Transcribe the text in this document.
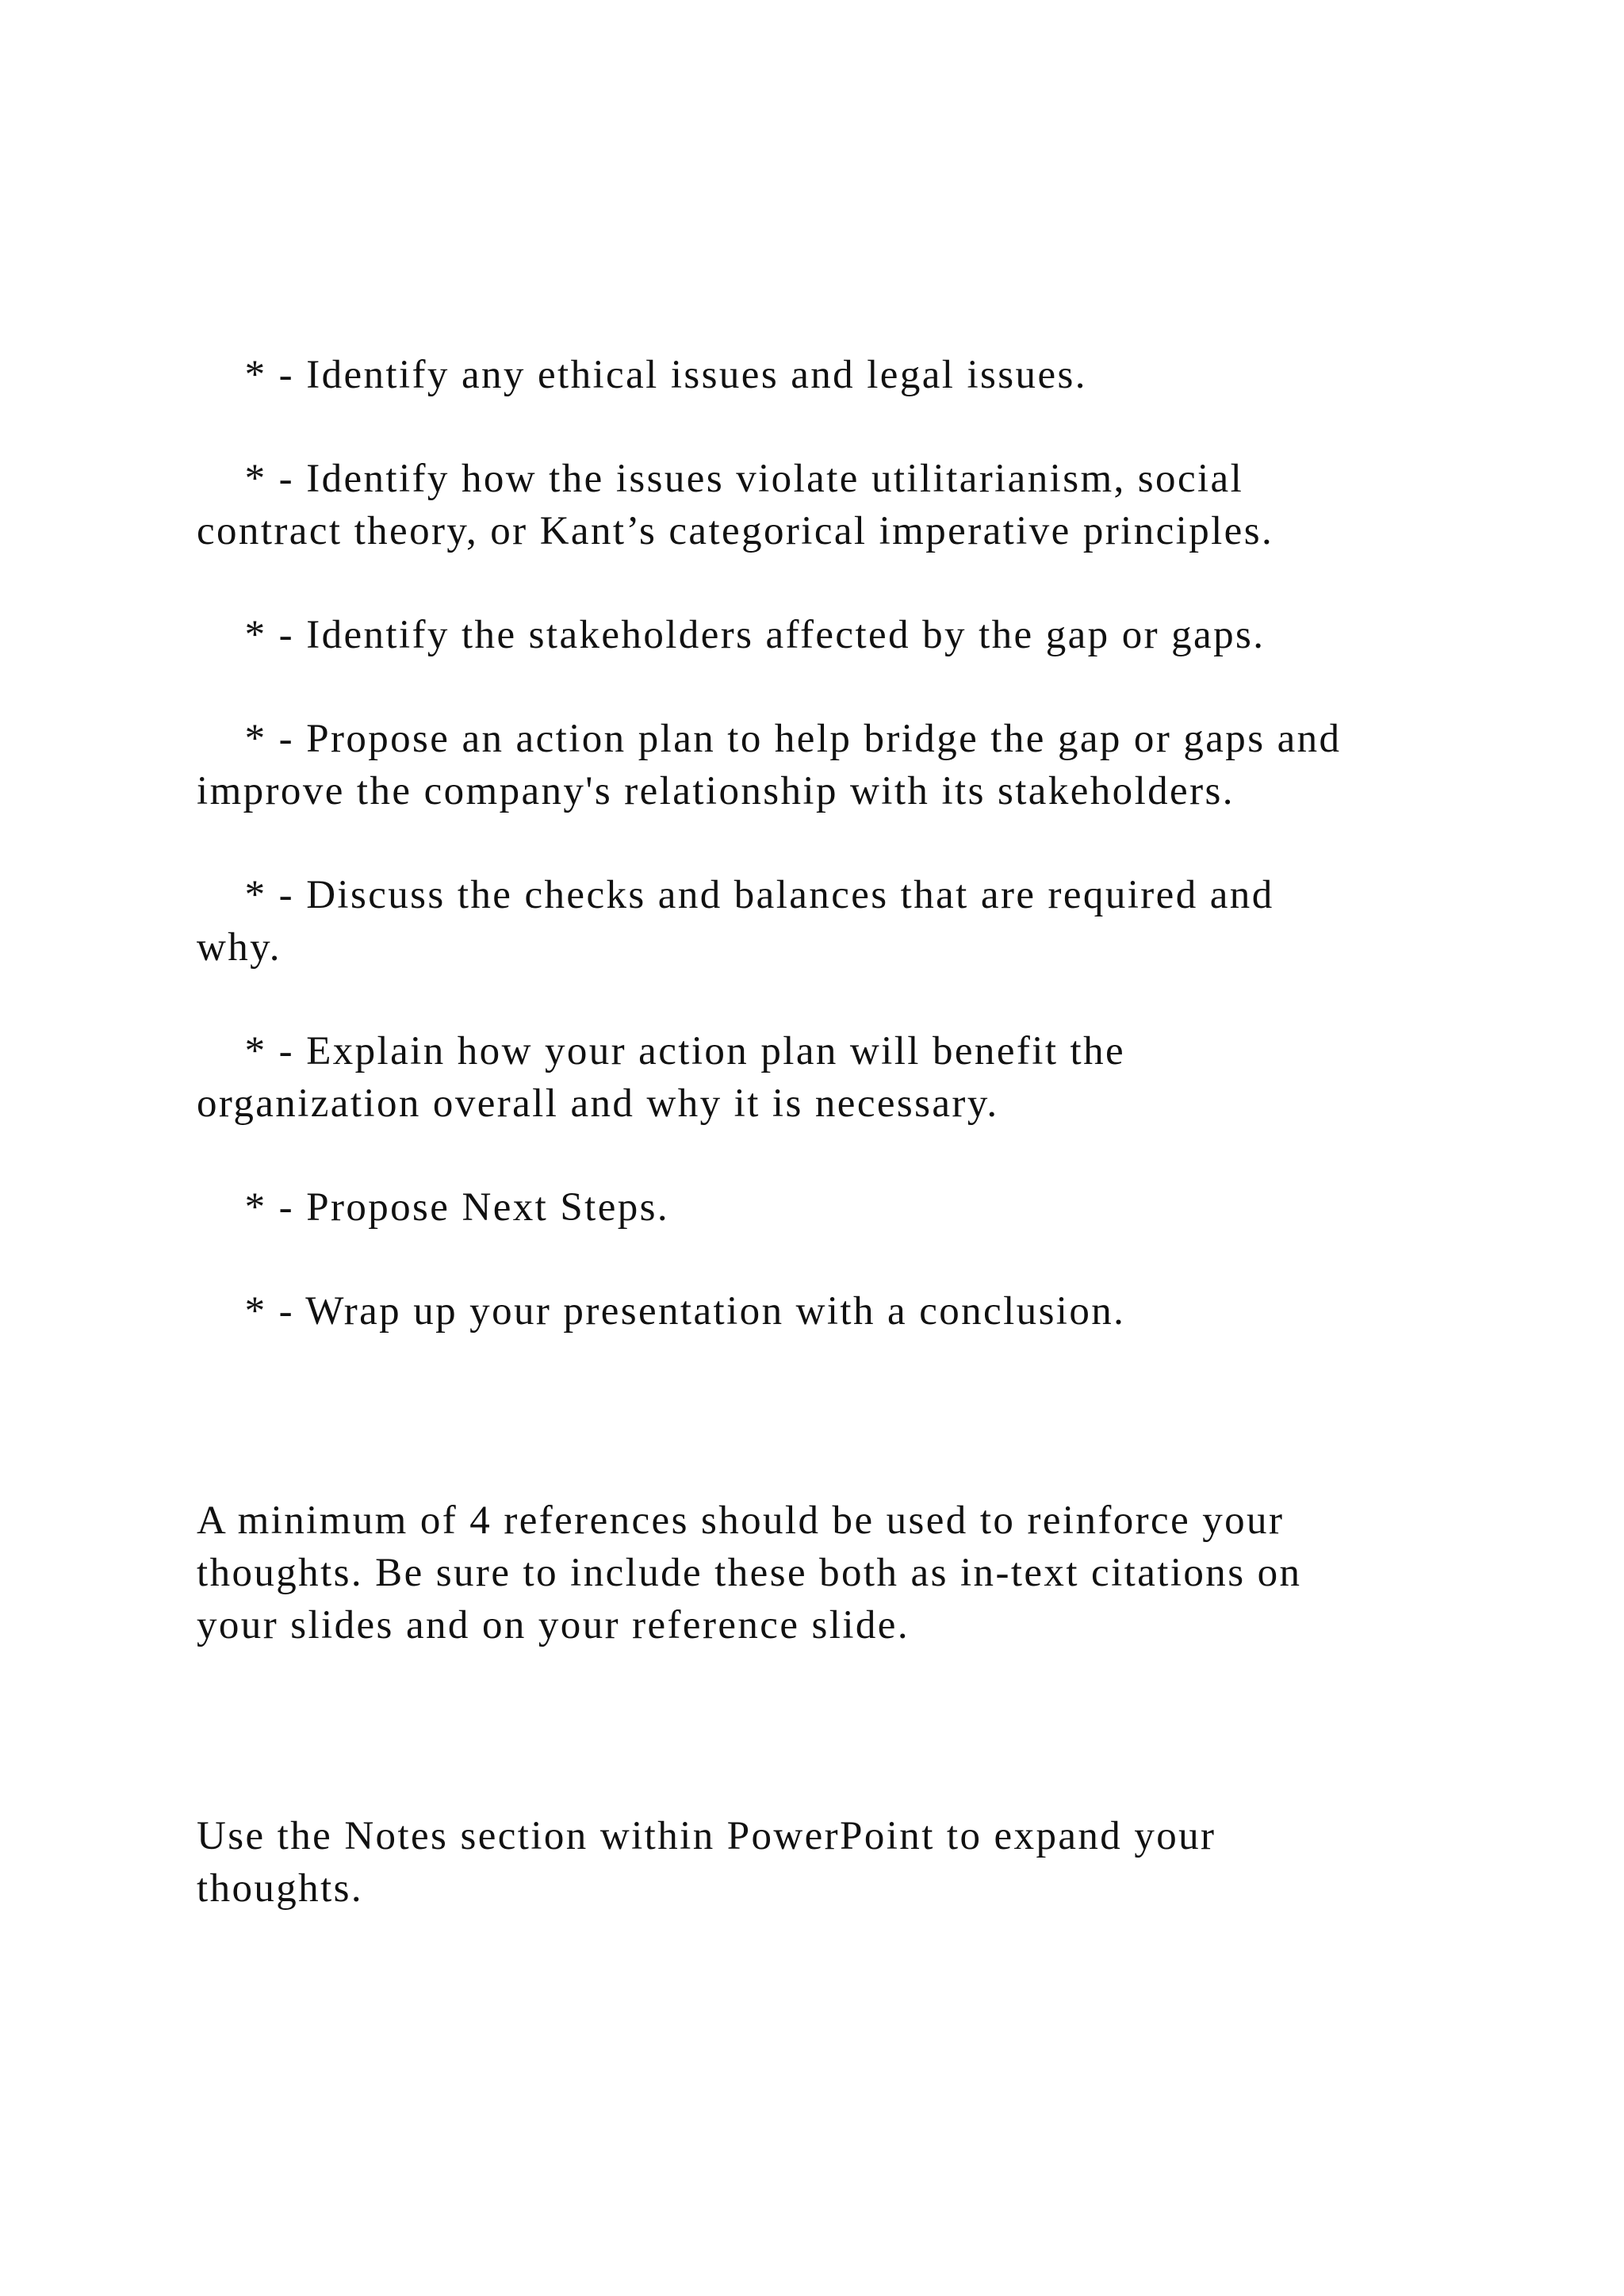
* - Identify any ethical issues and legal issues.
* - Identify how the issues violate utilitarianism, social
contract theory, or Kant’s categorical imperative principles.
* - Identify the stakeholders affected by the gap or gaps.
* - Propose an action plan to help bridge the gap or gaps and
improve the company's relationship with its stakeholders.
* - Discuss the checks and balances that are required and
why.
* - Explain how your action plan will benefit the
organization overall and why it is necessary.
* - Propose Next Steps.
* - Wrap up your presentation with a conclusion.

A minimum of 4 references should be used to reinforce your
thoughts. Be sure to include these both as in-text citations on
your slides and on your reference slide.

Use the Notes section within PowerPoint to expand your
thoughts.
